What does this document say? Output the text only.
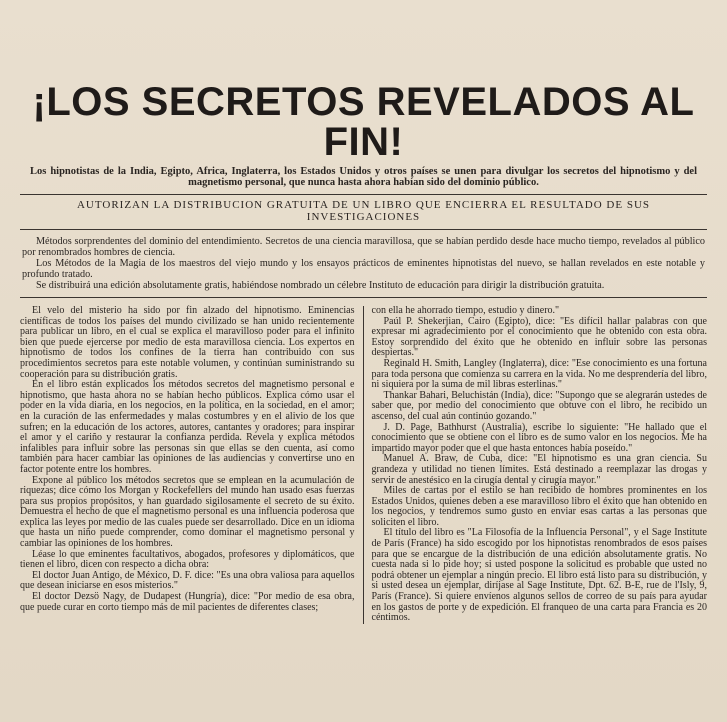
¡LOS SECRETOS REVELADOS AL FIN!
Los hipnotistas de la India, Egipto, Africa, Inglaterra, los Estados Unidos y otros países se unen para divulgar los secretos del hipnotismo y del magnetismo personal, que nunca hasta ahora habían sido del dominio público.
AUTORIZAN LA DISTRIBUCION GRATUITA DE UN LIBRO QUE ENCIERRA EL RESULTADO DE SUS INVESTIGACIONES

Métodos sorprendentes del dominio del entendimiento. Secretos de una ciencia maravillosa, que se habían perdido desde hace mucho tiempo, revelados al público por renombrados hombres de ciencia.

Los Métodos de la Magia de los maestros del viejo mundo y los ensayos prácticos de eminentes hipnotistas del nuevo, se hallan revelados en este notable y profundo tratado.

Se distribuirá una edición absolutamente gratis, habiéndose nombrado un célebre Instituto de educación para dirigir la distribución gratuita.

El velo del misterio ha sido por fin alzado del hipnotismo. Eminencias científicas de todos los países del mundo civilizado se han unido recientemente para publicar un libro, en el cual se explica el maravilloso poder para el infinito bien que puede ejercerse por medio de esta maravillosa ciencia. Los expertos en hipnotismo de todos los confines de la tierra han contribuido con sus procedimientos secretos para este notable volumen, y continúan suministrando su cooperación para su distribución gratis.

En el libro están explicados los métodos secretos del magnetismo personal e hipnotismo, que hasta ahora no se habían hecho públicos. Explica cómo usar el poder en la vida diaria, en los negocios, en la política, en la sociedad, en el amor; en la curación de las enfermedades y malas costumbres y en el alivio de los que sufren; en la educación de los actores, autores, cantantes y oradores; para inspirar el amor y el cariño y restaurar la confianza perdida. Revela y explica métodos infalibles para influir sobre las personas sin que ellas se den cuenta, así como también para hacer cambiar las opiniones de las audiencias y convertirse uno en factor potente entre los hombres.

Expone al público los métodos secretos que se emplean en la acumulación de riquezas; dice cómo los Morgan y Rockefellers del mundo han usado esas fuerzas para sus propios propósitos, y han guardado sigilosamente el secreto de su éxito. Demuestra el hecho de que el magnetismo personal es una influencia poderosa que explica las leyes por medio de las cuales puede ser desarrollado. Dice en un idioma que hasta un niño puede comprender, como dominar el magnetismo personal y cambiar las opiniones de los hombres.

Léase lo que eminentes facultativos, abogados, profesores y diplomáticos, que tienen el libro, dicen con respecto a dicha obra:

El doctor Juan Antigo, de México, D. F. dice: "Es una obra valiosa para aquellos que desean iniciarse en esos misterios."

El doctor Dezsö Nagy, de Dudapest (Hungría), dice: "Por medio de esa obra, que puede curar en corto tiempo más de mil pacientes de diferentes clases;

con ella he ahorrado tiempo, estudio y dinero."

Paúl P. Shekerjian, Cairo (Egipto), dice: "Es difícil hallar palabras con que expresar mi agradecimiento por el conocimiento que he obtenido con esta obra. Estoy sorprendido del éxito que he obtenido en influir sobre las personas despiertas."

Reginald H. Smith, Langley (Inglaterra), dice: "Ese conocimiento es una fortuna para toda persona que comienza su carrera en la vida. No me desprendería del libro, ni siquiera por la suma de mil libras esterlinas."

Thankar Bahari, Beluchistán (India), dice: "Supongo que se alegrarán ustedes de saber que, por medio del conocimiento que obtuve con el libro, he recibido un ascenso, del cual aún continúo gozando."

J. D. Page, Bathhurst (Australia), escribe lo siguiente: "He hallado que el conocimiento que se obtiene con el libro es de sumo valor en los negocios. Me ha impartido mayor poder que el que hasta entonces había poseído."

Manuel A. Braw, de Cuba, dice: "El hipnotismo es una gran ciencia. Su grandeza y utilidad no tienen límites. Está destinado a reemplazar las drogas y servir de anestésico en la cirugía dental y cirugía mayor."

Miles de cartas por el estilo se han recibido de hombres prominentes en los Estados Unidos, quienes deben a ese maravilloso libro el éxito que han obtenido en los negocios, y tendremos sumo gusto en enviar esas cartas a las personas que soliciten el libro.

El título del libro es "La Filosofía de la Influencia Personal", y el Sage Institute de París (France) ha sido escogido por los hipnotistas renombrados de esos países para que se encargue de la distribución de una edición absolutamente gratis. No cuesta nada si lo pide hoy; si usted pospone la solicitud es probable que usted no podrá obtener un ejemplar a ningún precio. El libro está listo para su distribución, y si usted desea un ejemplar, diríjase al Sage Institute, Dpt. 62. B-E, rue de l'Isly, 9, París (France). Si quiere envíenos algunos sellos de correo de su país para ayudar en los gastos de porte y de expedición. El franqueo de una carta para Francia es 20 céntimos.
